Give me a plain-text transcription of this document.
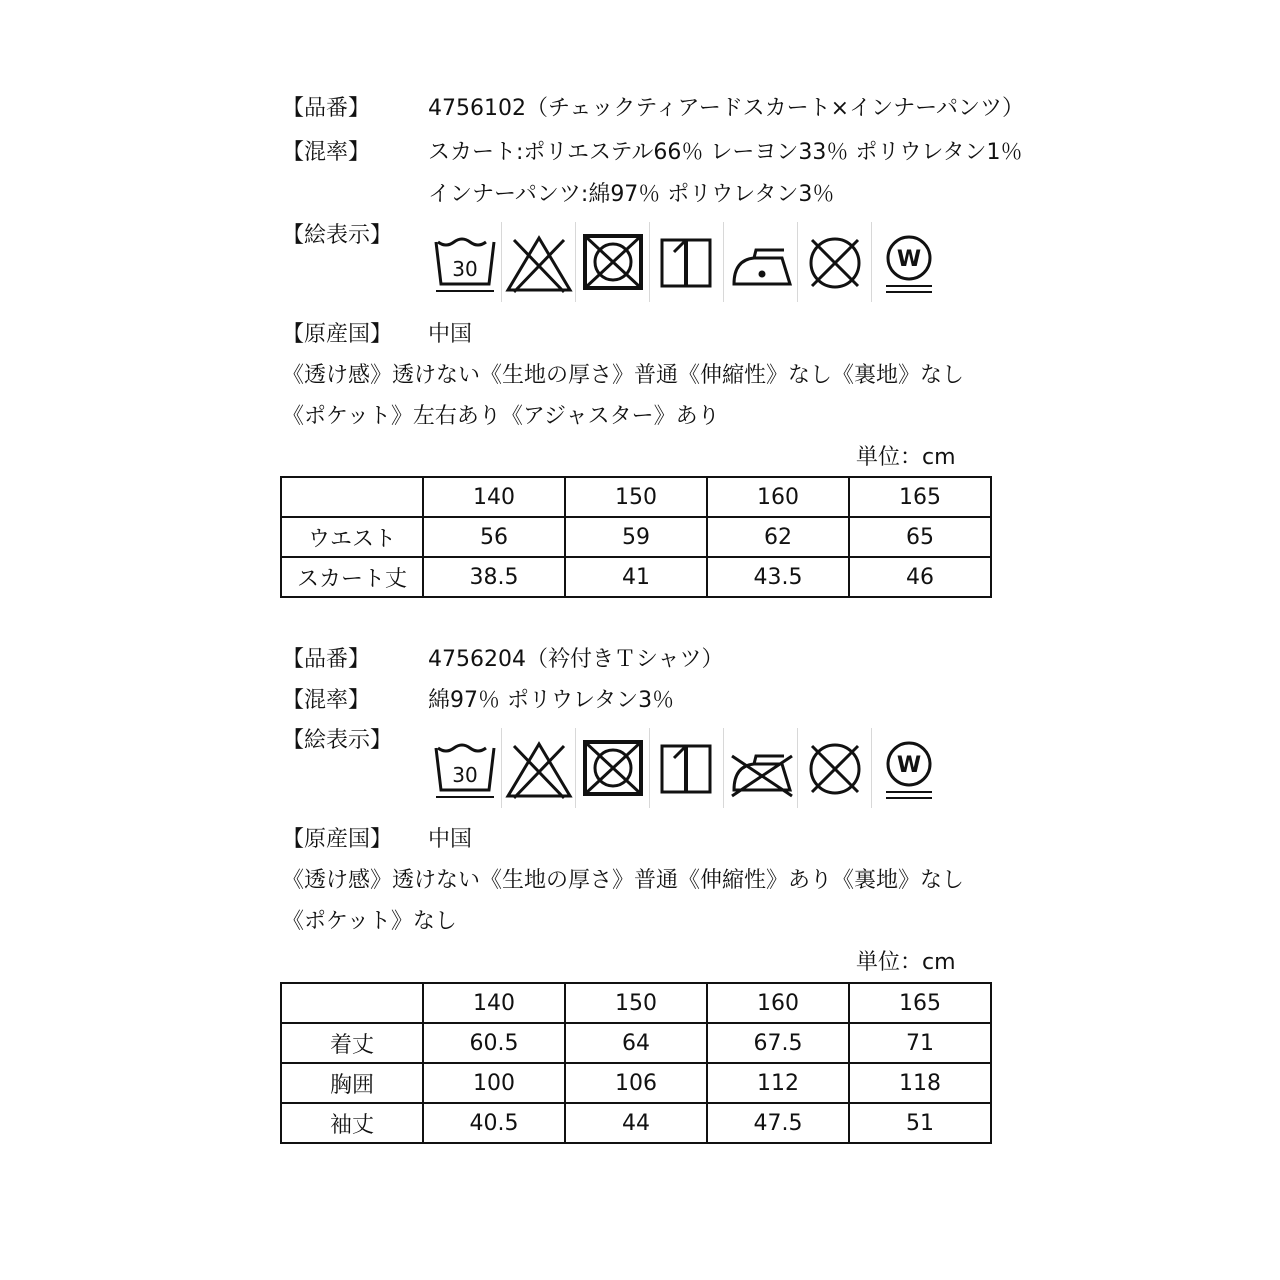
【品番】	4756102（チェックティアードスカート×インナーパンツ）
【混率】	スカート:ポリエステル66％ レーヨン33％ ポリウレタン1％
インナーパンツ:綿97％ ポリウレタン3％
【絵表示】
30	W
【原産国】 中国
《透け感》透けない《生地の厚さ》普通《伸縮性》なし《裏地》なし
《ポケット》左右あり《アジャスター》あり
単位：cm
	140	150	160	165
ウエスト	56	59	62	65
スカート丈	38.5	41	43.5	46
【品番】	4756204（衿付きＴシャツ）
【混率】	綿97％ ポリウレタン3％
【絵表示】
30	W
【原産国】 中国
《透け感》透けない《生地の厚さ》普通《伸縮性》あり《裏地》なし
《ポケット》なし
単位：cm
	140	150	160	165
着丈	60.5	64	67.5	71
胸囲	100	106	112	118
袖丈	40.5	44	47.5	51
